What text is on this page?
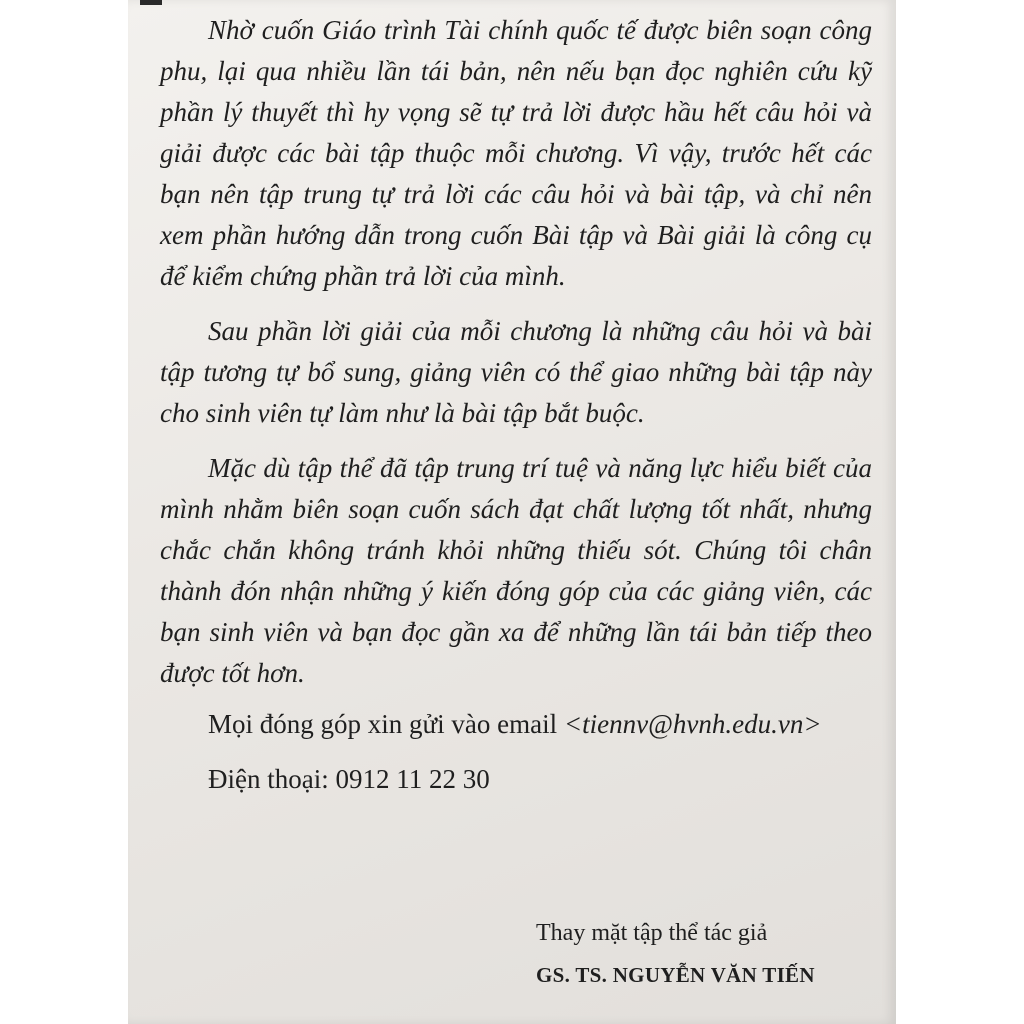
Nhờ cuốn Giáo trình Tài chính quốc tế được biên soạn công phu, lại qua nhiều lần tái bản, nên nếu bạn đọc nghiên cứu kỹ phần lý thuyết thì hy vọng sẽ tự trả lời được hầu hết câu hỏi và giải được các bài tập thuộc mỗi chương. Vì vậy, trước hết các bạn nên tập trung tự trả lời các câu hỏi và bài tập, và chỉ nên xem phần hướng dẫn trong cuốn Bài tập và Bài giải là công cụ để kiểm chứng phần trả lời của mình.

Sau phần lời giải của mỗi chương là những câu hỏi và bài tập tương tự bổ sung, giảng viên có thể giao những bài tập này cho sinh viên tự làm như là bài tập bắt buộc.

Mặc dù tập thể đã tập trung trí tuệ và năng lực hiểu biết của mình nhằm biên soạn cuốn sách đạt chất lượng tốt nhất, nhưng chắc chắn không tránh khỏi những thiếu sót. Chúng tôi chân thành đón nhận những ý kiến đóng góp của các giảng viên, các bạn sinh viên và bạn đọc gần xa để những lần tái bản tiếp theo được tốt hơn.

Mọi đóng góp xin gửi vào email <tiennv@hvnh.edu.vn>

Điện thoại: 0912 11 22 30

Thay mặt tập thể tác giả

GS. TS. NGUYỄN VĂN TIẾN
